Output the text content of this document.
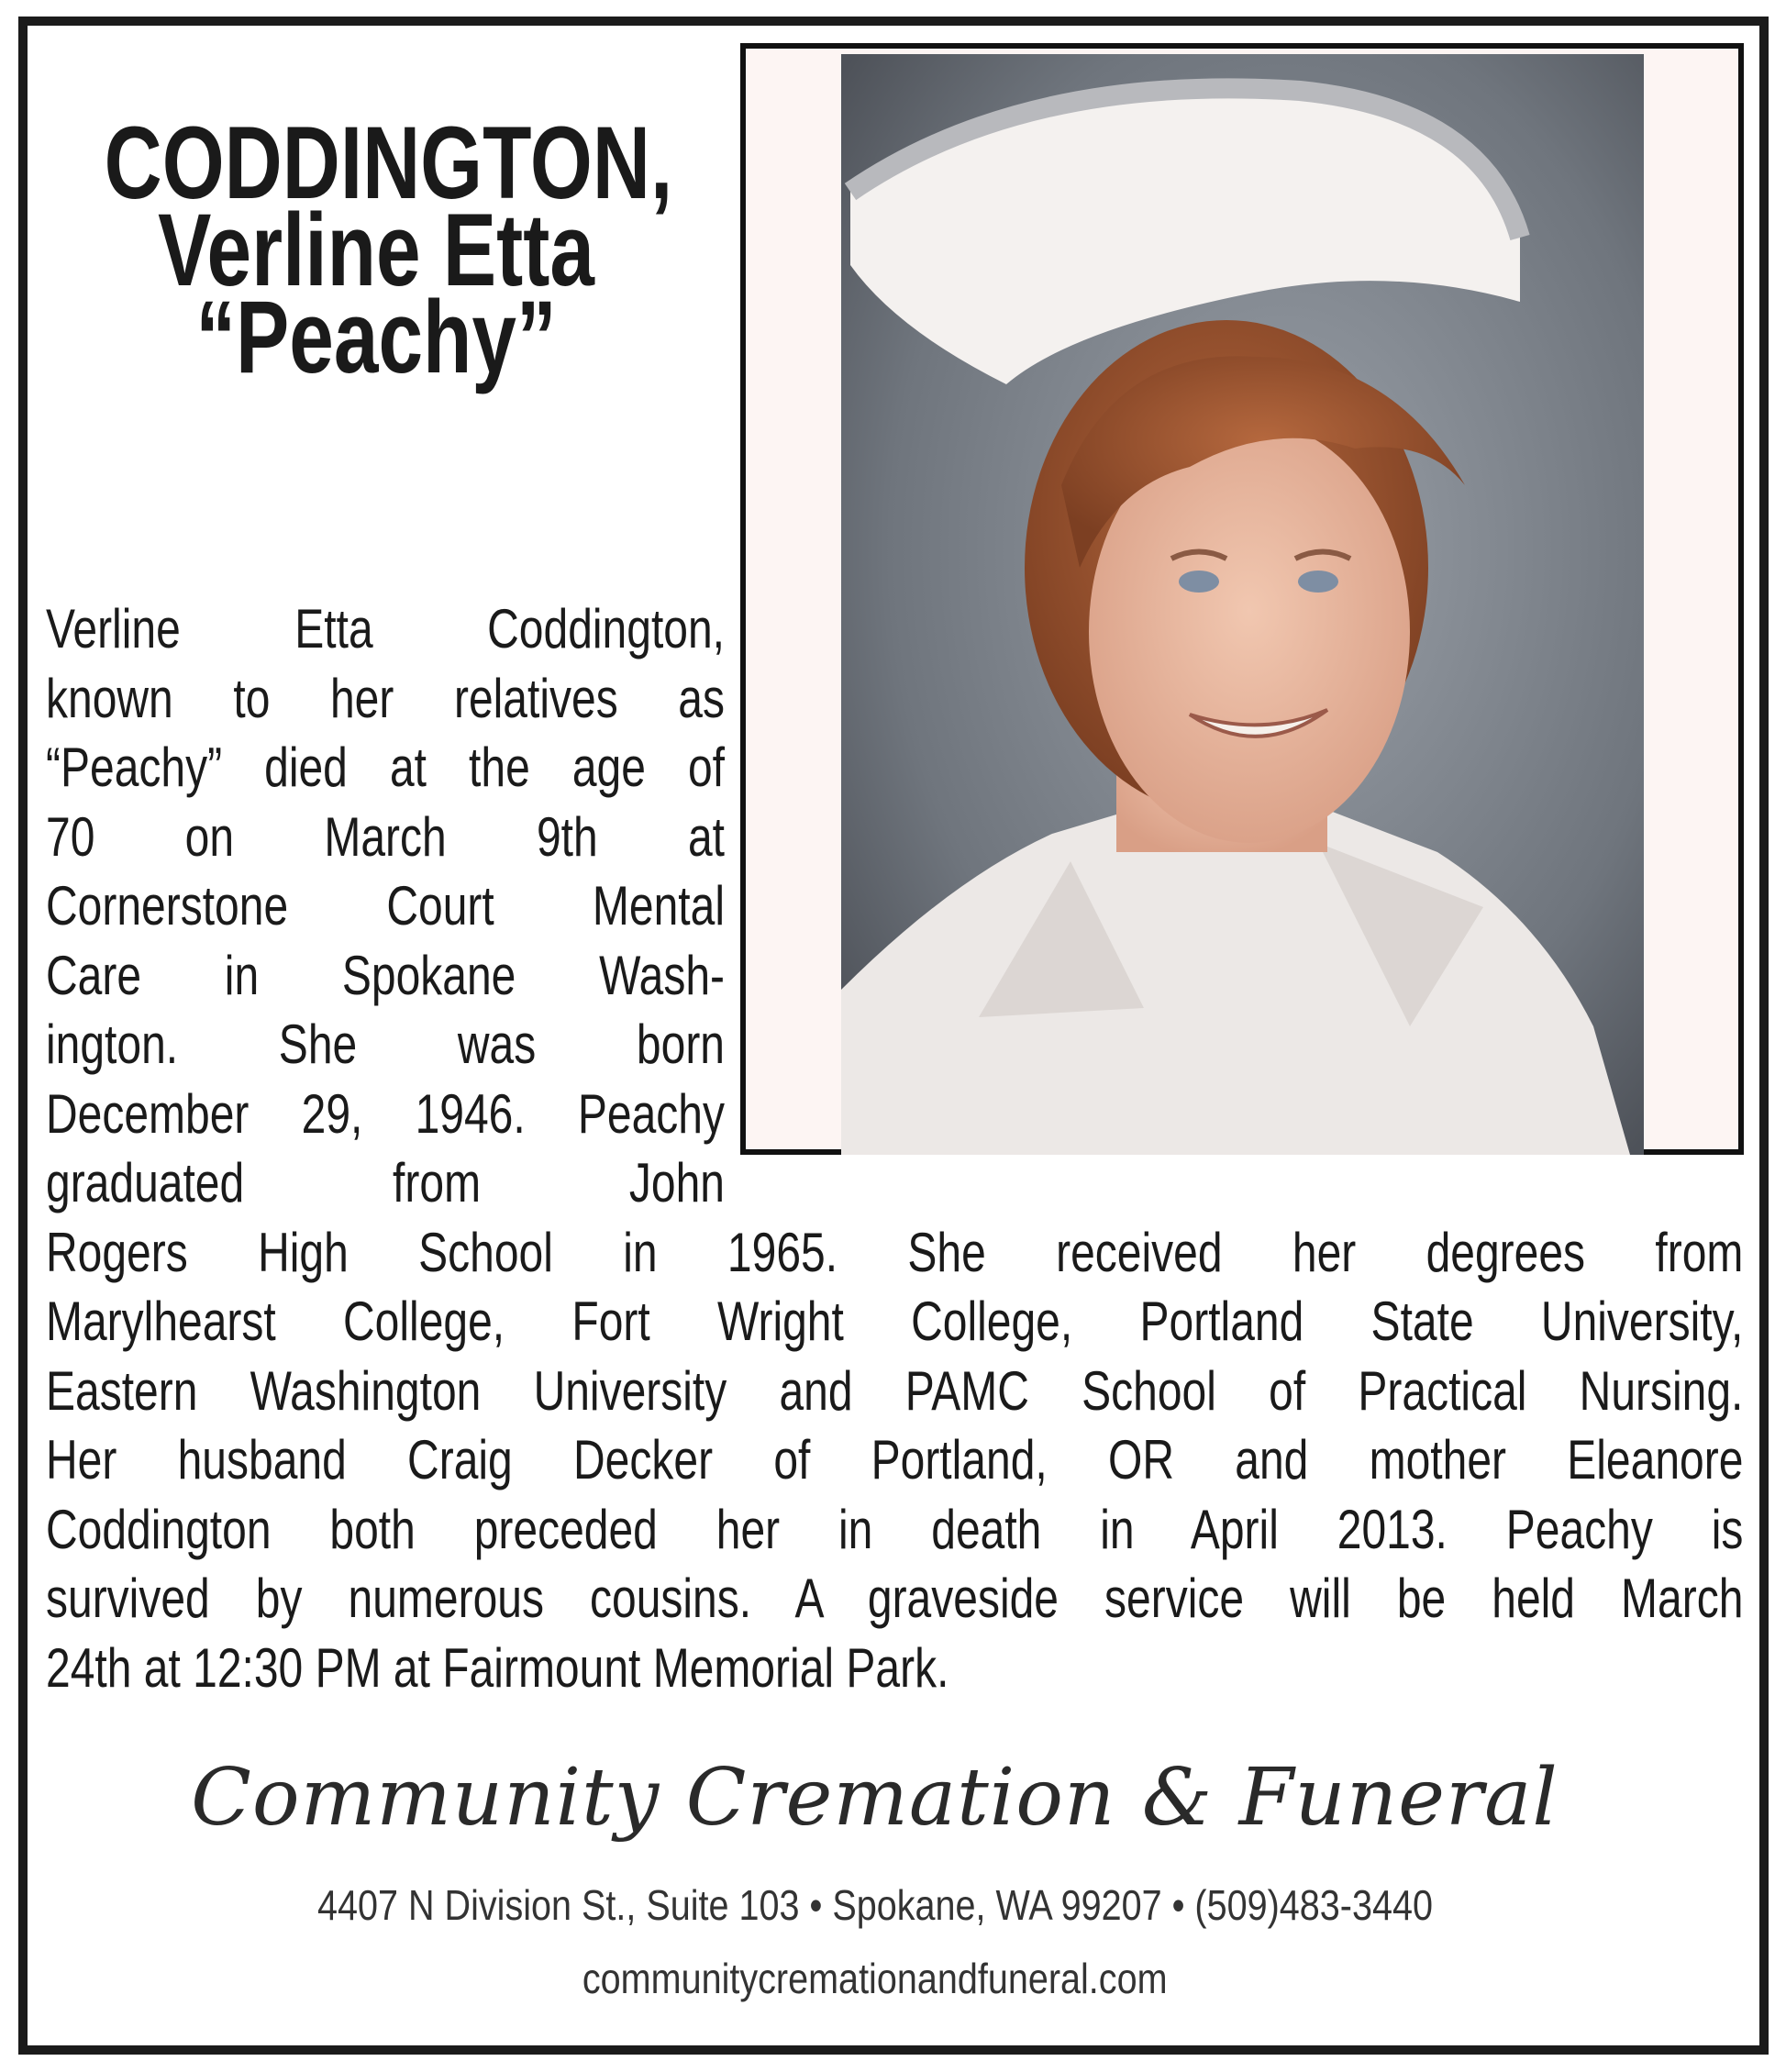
CODDINGTON,
Verline Etta
“Peachy”
Verline Etta Coddington,
known to her relatives as
“Peachy” died at the age of
70 on March 9th at
Cornerstone Court Mental
Care in Spokane Wash-
ington. She was born
December 29, 1946. Peachy
graduated from John
Rogers High School in 1965. She received her degrees from
Marylhearst College, Fort Wright College, Portland State University,
Eastern Washington University and PAMC School of Practical Nursing.
Her husband Craig Decker of Portland, OR and mother Eleanore
Coddington both preceded her in death in April 2013. Peachy is
survived by numerous cousins. A graveside service will be held March
24th at 12:30 PM at Fairmount Memorial Park.
Community Cremation & Funeral
4407 N Division St., Suite 103 • Spokane, WA 99207 • (509)483-3440
communitycremationandfuneral.com
